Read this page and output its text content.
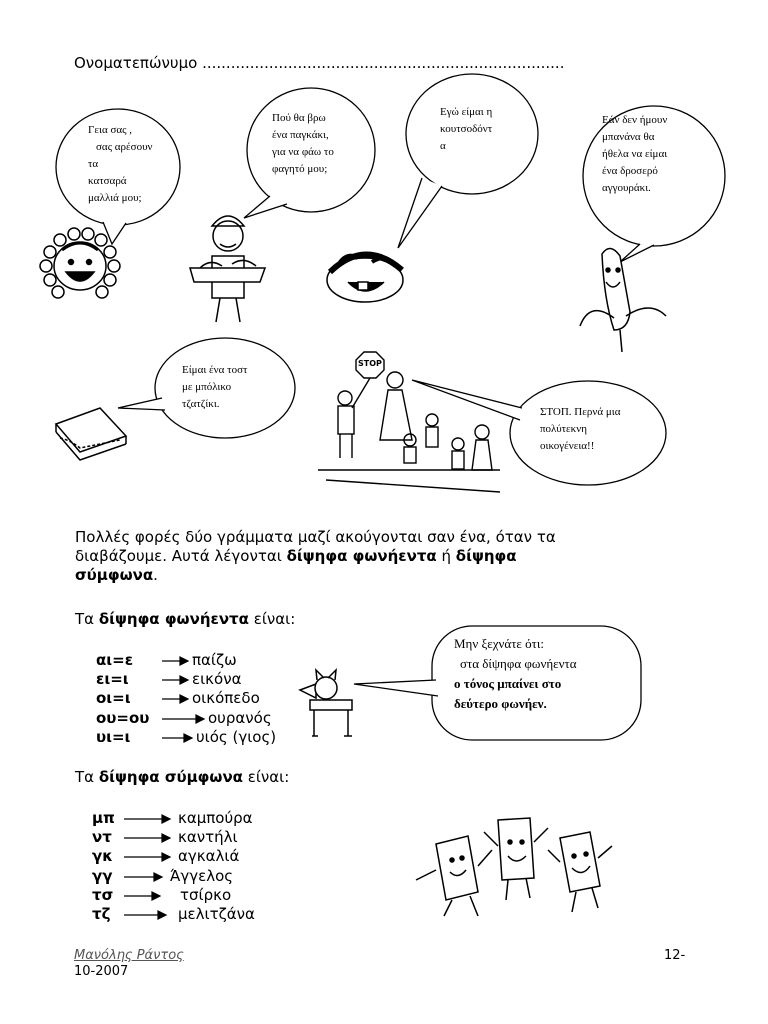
STOP
Ονοματεπώνυμο ............................................................................
Γεια σας ,
σας αρέσουν
τα
κατσαρά
μαλλιά μου;
Πού θα βρω
ένα παγκάκι,
για να φάω το
φαγητό μου;
Εγώ είμαι η
κουτσοδόντ
α
Εάν δεν ήμουν
μπανάνα θα
ήθελα να είμαι
ένα δροσερό
αγγουράκι.
Είμαι ένα τοστ
με μπόλικο
τζατζίκι.
ΣΤΟΠ. Περνά μια
πολύτεκνη
οικογένεια!!
Μην ξεχνάτε ότι:
στα δίψηφα φωνήεντα
ο τόνος μπαίνει στο
δεύτερο φωνήεν.
Πολλές φορές δύο γράμματα μαζί ακούγονται σαν ένα, όταν τα
διαβάζουμε. Αυτά λέγονται δίψηφα φωνήεντα ή δίψηφα
σύμφωνα.
Τα δίψηφα φωνήεντα είναι:
αι=ε	παίζω
ει=ι	εικόνα
οι=ι	οικόπεδο
ου=ου	ουρανός
υι=ι	υιός (γιος)
Τα δίψηφα σύμφωνα είναι:
μπ	καμπούρα
ντ	καντήλι
γκ	αγκαλιά
γγ	Άγγελος
τσ	τσίρκο
τζ	μελιτζάνα
Μανόλης Ράντος	12-
10-2007
